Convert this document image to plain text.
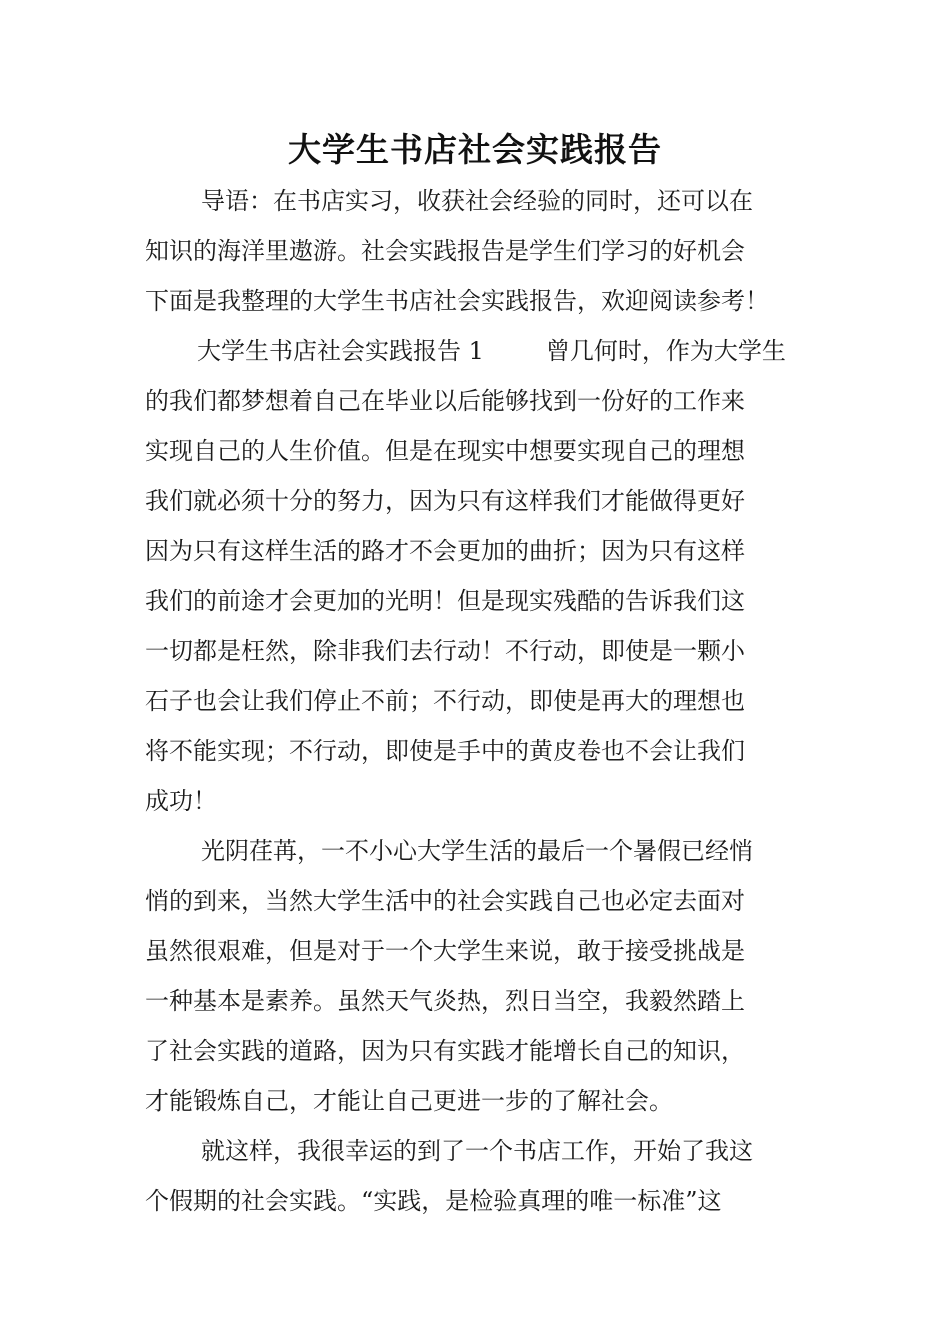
大学生书店社会实践报告
导语：在书店实习，收获社会经验的同时，还可以在
知识的海洋里遨游。社会实践报告是学生们学习的好机会
下面是我整理的大学生书店社会实践报告，欢迎阅读参考！
大学生书店社会实践报告 1	曾几何时，作为大学生
的我们都梦想着自己在毕业以后能够找到一份好的工作来
实现自己的人生价值。但是在现实中想要实现自己的理想
我们就必须十分的努力，因为只有这样我们才能做得更好
因为只有这样生活的路才不会更加的曲折；因为只有这样
我们的前途才会更加的光明！但是现实残酷的告诉我们这
一切都是枉然，除非我们去行动！不行动，即使是一颗小
石子也会让我们停止不前；不行动，即使是再大的理想也
将不能实现；不行动，即使是手中的黄皮卷也不会让我们
成功！
光阴荏苒，一不小心大学生活的最后一个暑假已经悄
悄的到来，当然大学生活中的社会实践自己也必定去面对
虽然很艰难，但是对于一个大学生来说，敢于接受挑战是
一种基本是素养。虽然天气炎热，烈日当空，我毅然踏上
了社会实践的道路，因为只有实践才能增长自己的知识，
才能锻炼自己，才能让自己更进一步的了解社会。
就这样，我很幸运的到了一个书店工作，开始了我这
个假期的社会实践。“实践，是检验真理的唯一标准”这
